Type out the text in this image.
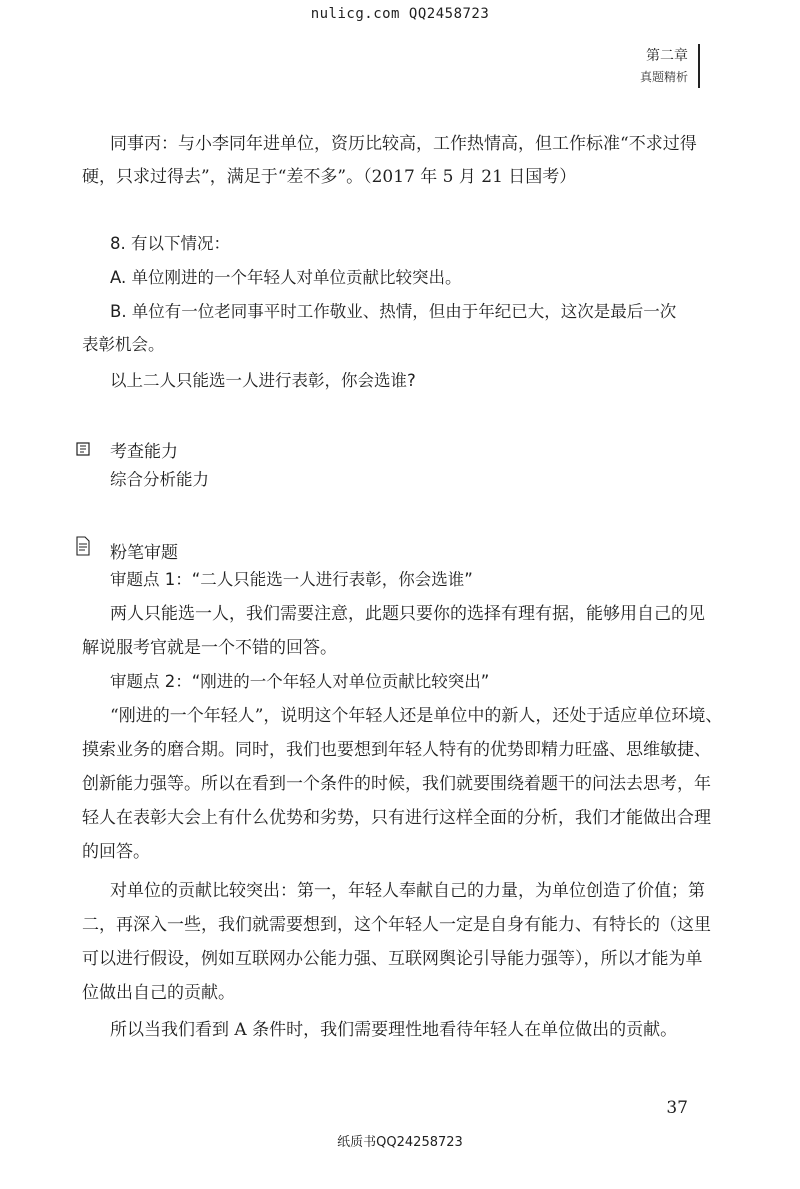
nulicg.com QQ2458723
第二章
真题精析
同事丙：与小李同年进单位，资历比较高，工作热情高，但工作标准“不求过得
硬，只求过得去”，满足于“差不多”。（2017 年 5 月 21 日国考）
8. 有以下情况：
A. 单位刚进的一个年轻人对单位贡献比较突出。
B. 单位有一位老同事平时工作敬业、热情，但由于年纪已大，这次是最后一次
表彰机会。
以上二人只能选一人进行表彰，你会选谁?
考查能力
综合分析能力
粉笔审题
审题点 1：“二人只能选一人进行表彰，你会选谁”
两人只能选一人，我们需要注意，此题只要你的选择有理有据，能够用自己的见
解说服考官就是一个不错的回答。
审题点 2：“刚进的一个年轻人对单位贡献比较突出”
“刚进的一个年轻人”，说明这个年轻人还是单位中的新人，还处于适应单位环境、
摸索业务的磨合期。同时，我们也要想到年轻人特有的优势即精力旺盛、思维敏捷、
创新能力强等。所以在看到一个条件的时候，我们就要围绕着题干的问法去思考，年
轻人在表彰大会上有什么优势和劣势，只有进行这样全面的分析，我们才能做出合理
的回答。
对单位的贡献比较突出：第一，年轻人奉献自己的力量，为单位创造了价值；第
二，再深入一些，我们就需要想到，这个年轻人一定是自身有能力、有特长的（这里
可以进行假设，例如互联网办公能力强、互联网舆论引导能力强等），所以才能为单
位做出自己的贡献。
所以当我们看到 A 条件时，我们需要理性地看待年轻人在单位做出的贡献。
37
纸质书QQ24258723
